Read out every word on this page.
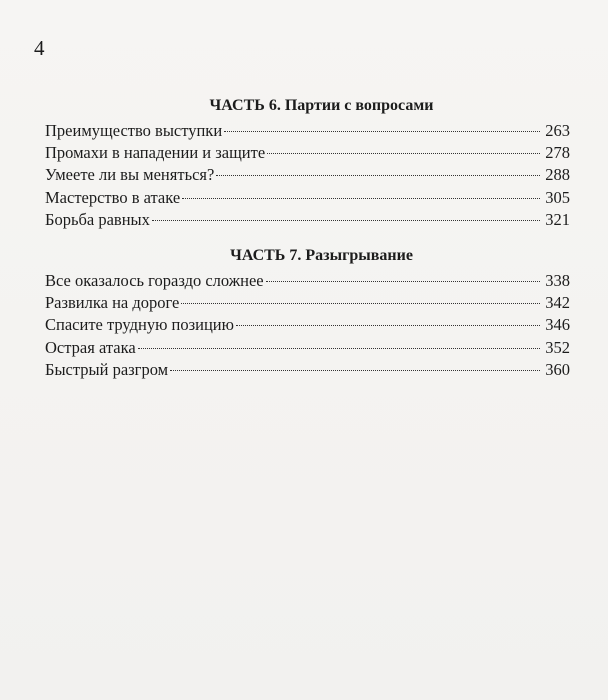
4
ЧАСТЬ 6. Партии с вопросами
Преимущество выступки	263
Промахи в нападении и защите	278
Умеете ли вы меняться?	288
Мастерство в атаке	305
Борьба равных	321
ЧАСТЬ 7. Разыгрывание
Все оказалось гораздо сложнее	338
Развилка на дороге	342
Спасите трудную позицию	346
Острая атака	352
Быстрый разгром	360
